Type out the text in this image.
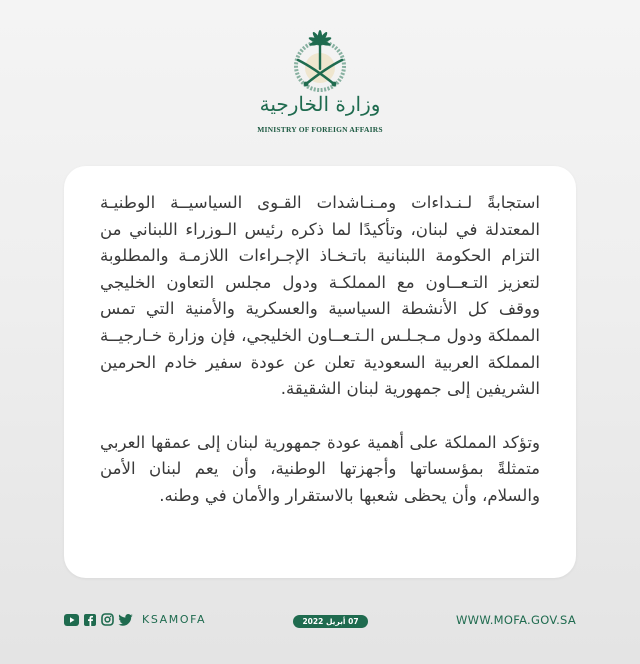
وزارة الخارجية
MINISTRY OF FOREIGN AFFAIRS

استجابةً لـنـداءات ومـنـاشدات القـوى السياسيــة الوطنيـة المعتدلة في لبنان، وتأكيدًا لما ذكره رئيس الـوزراء اللبناني من التزام الحكومة اللبنانية باتـخـاذ الإجـراءات اللازمـة والمطلوبة لتعزيز التـعــاون مع المملكـة ودول مجلس التعاون الخليجي ووقف كل الأنشطة السياسية والعسكرية والأمنية التي تمس المملكة ودول مـجـلـس الـتـعــاون الخليجي، فإن وزارة خـارجيــة المملكة العربية السعودية تعلن عن عودة سفير خادم الحرمين الشريفين إلى جمهورية لبنان الشقيقة.

وتؤكد المملكة على أهمية عودة جمهورية لبنان إلى عمقها العربي متمثلةً بمؤسساتها وأجهزتها الوطنية، وأن يعم لبنان الأمن والسلام، وأن يحظى شعبها بالاستقرار والأمان في وطنه.

KSAMOFA	07 أبريل 2022	WWW.MOFA.GOV.SA
